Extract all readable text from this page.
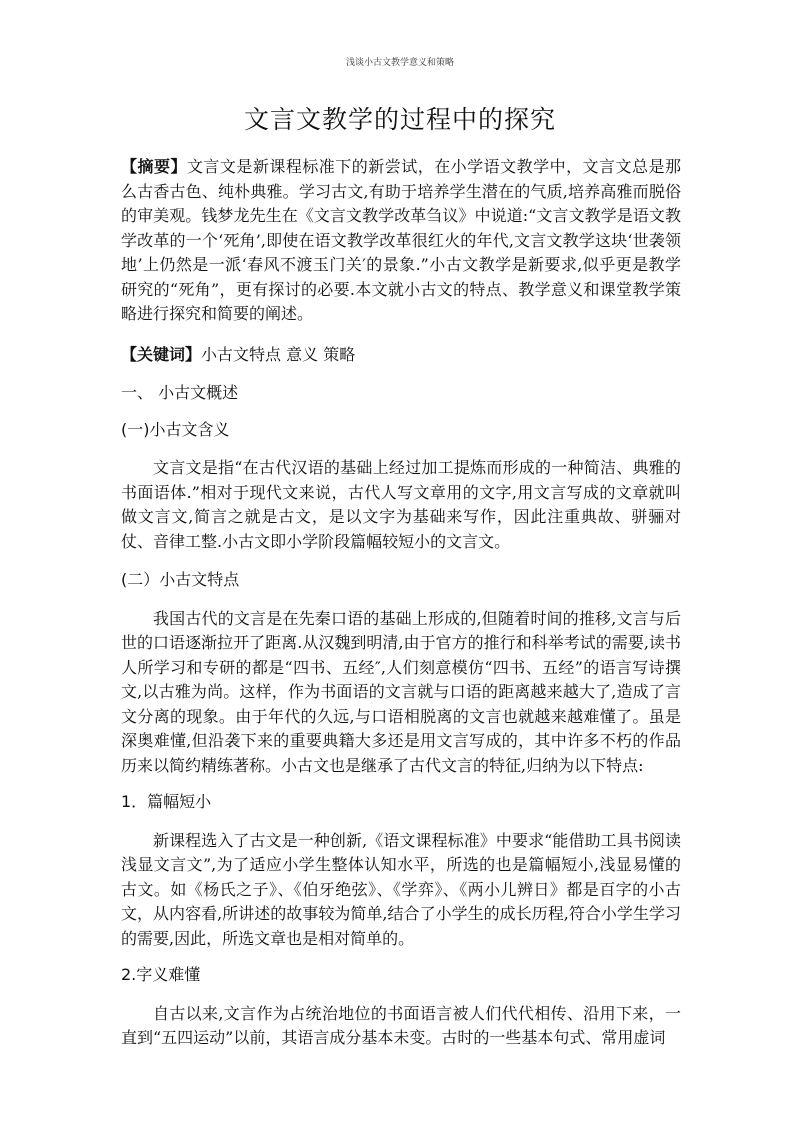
浅谈小古文教学意义和策略
文言文教学的过程中的探究

【摘要】文言文是新课程标准下的新尝试，在小学语文教学中，文言文总是那么古香古色、纯朴典雅。学习古文,有助于培养学生潜在的气质,培养高雅而脱俗的审美观。钱梦龙先生在《文言文教学改革刍议》中说道:“文言文教学是语文教学改革的一个‘死角’,即使在语文教学改革很红火的年代,文言文教学这块‘世袭领地’上仍然是一派‘春风不渡玉门关′的景象.”小古文教学是新要求,似乎更是教学研究的“死角”，更有探讨的必要.本文就小古文的特点、教学意义和课堂教学策略进行探究和简要的阐述。

【关键词】小古文特点 意义 策略

一、 小古文概述

(一)小古文含义

文言文是指“在古代汉语的基础上经过加工提炼而形成的一种简洁、典雅的书面语体.”相对于现代文来说，古代人写文章用的文字,用文言写成的文章就叫做文言文,简言之就是古文，是以文字为基础来写作，因此注重典故、骈骊对仗、音律工整.小古文即小学阶段篇幅较短小的文言文。

(二）小古文特点

我国古代的文言是在先秦口语的基础上形成的,但随着时间的推移,文言与后世的口语逐渐拉开了距离.从汉魏到明清,由于官方的推行和科举考试的需要,读书人所学习和专研的都是“四书、五经″,人们刻意模仿“四书、五经”的语言写诗撰文,以古雅为尚。这样，作为书面语的文言就与口语的距离越来越大了,造成了言文分离的现象。由于年代的久远,与口语相脱离的文言也就越来越难懂了。虽是深奥难懂,但沿袭下来的重要典籍大多还是用文言写成的，其中许多不朽的作品历来以简约精练著称。小古文也是继承了古代文言的特征,归纳为以下特点:

1．篇幅短小

新课程选入了古文是一种创新,《语文课程标准》中要求“能借助工具书阅读浅显文言文”,为了适应小学生整体认知水平，所选的也是篇幅短小,浅显易懂的古文。如《杨氏之子》、《伯牙绝弦》、《学弈》、《两小儿辨日》都是百字的小古文，从内容看,所讲述的故事较为简单,结合了小学生的成长历程,符合小学生学习的需要,因此，所选文章也是相对简单的。

2.字义难懂

自古以来,文言作为占统治地位的书面语言被人们代代相传、沿用下来，一直到“五四运动”以前，其语言成分基本未变。古时的一些基本句式、常用虚词
